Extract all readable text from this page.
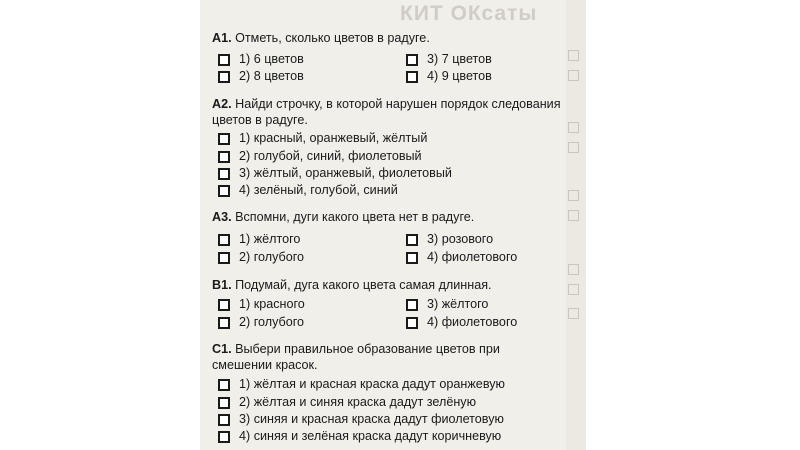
КИТ ОКсаты
А1. Отметь, сколько цветов в радуге.
1) 6 цветов	3) 7 цветов
2) 8 цветов	4) 9 цветов
А2. Найди строчку, в которой нарушен порядок следования цветов в радуге.
1) красный, оранжевый, жёлтый
2) голубой, синий, фиолетовый
3) жёлтый, оранжевый, фиолетовый
4) зелёный, голубой, синий
А3. Вспомни, дуги какого цвета нет в радуге.
1) жёлтого	3) розового
2) голубого	4) фиолетового
В1. Подумай, дуга какого цвета самая длинная.
1) красного	3) жёлтого
2) голубого	4) фиолетового
С1. Выбери правильное образование цветов при смешении красок.
1) жёлтая и красная краска дадут оранжевую
2) жёлтая и синяя краска дадут зелёную
3) синяя и красная краска дадут фиолетовую
4) синяя и зелёная краска дадут коричневую
